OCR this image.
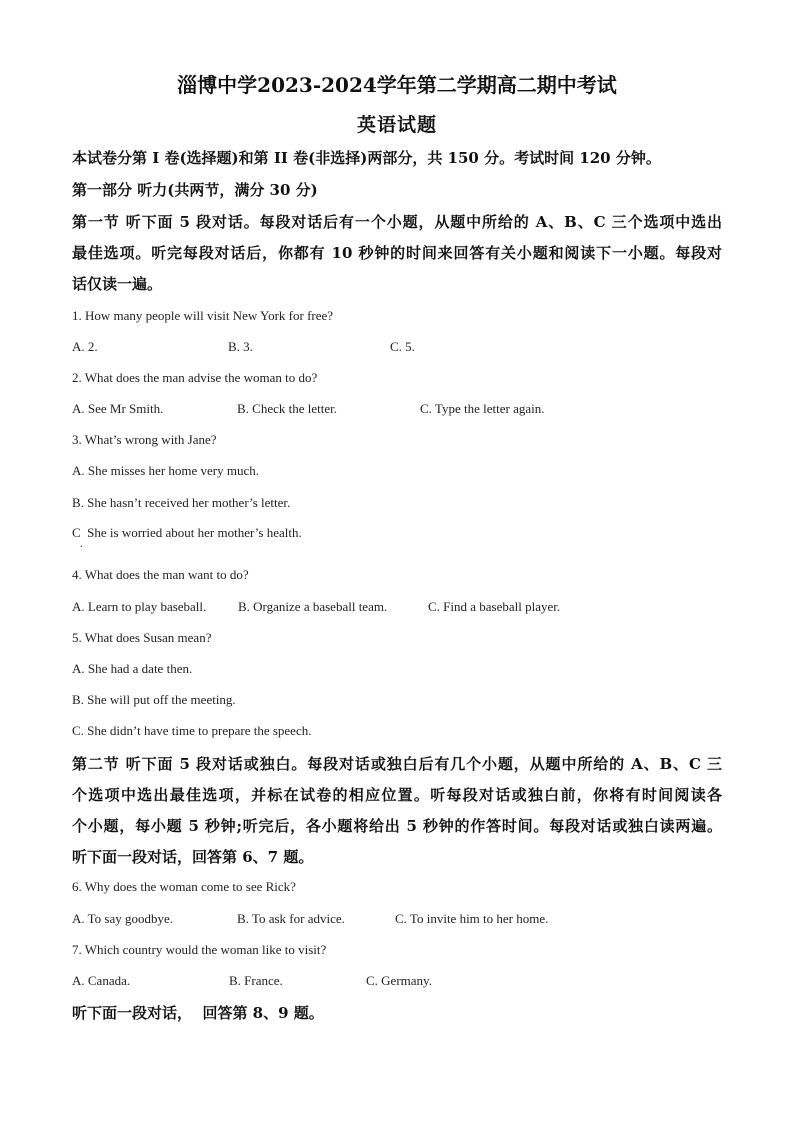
淄博中学2023-2024学年第二学期高二期中考试
英语试题
本试卷分第 I 卷(选择题)和第 II 卷(非选择)两部分，共 150 分。考试时间 120 分钟。
第一部分 听力(共两节，满分 30 分)
第一节 听下面 5 段对话。每段对话后有一个小题，从题中所给的 A、B、C 三个选项中选出
最佳选项。听完每段对话后，你都有 10 秒钟的时间来回答有关小题和阅读下一小题。每段对
话仅读一遍。
1. How many people will visit New York for free?
A. 2.	B. 3.	C. 5.
2. What does the man advise the woman to do?
A. See Mr Smith.	B. Check the letter.	C. Type the letter again.
3. What’s wrong with Jane?
A. She misses her home very much.
B. She hasn’t received her mother’s letter.
C  She is worried about her mother’s health.
.
4. What does the man want to do?
A. Learn to play baseball. B. Organize a baseball team.	C. Find a baseball player.
5. What does Susan mean?
A. She had a date then.
B. She will put off the meeting.
C. She didn’t have time to prepare the speech.
第二节 听下面 5 段对话或独白。每段对话或独白后有几个小题，从题中所给的 A、B、C 三
个选项中选出最佳选项，并标在试卷的相应位置。听每段对话或独白前，你将有时间阅读各
个小题，每小题 5 秒钟;听完后，各小题将给出 5 秒钟的作答时间。每段对话或独白读两遍。
听下面一段对话，回答第 6、7 题。
6. Why does the woman come to see Rick?
A. To say goodbye.	B. To ask for advice.	C. To invite him to her home.
7. Which country would the woman like to visit?
A. Canada.	B. France.	C. Germany.
听下面一段对话，  回答第 8、9 题。
